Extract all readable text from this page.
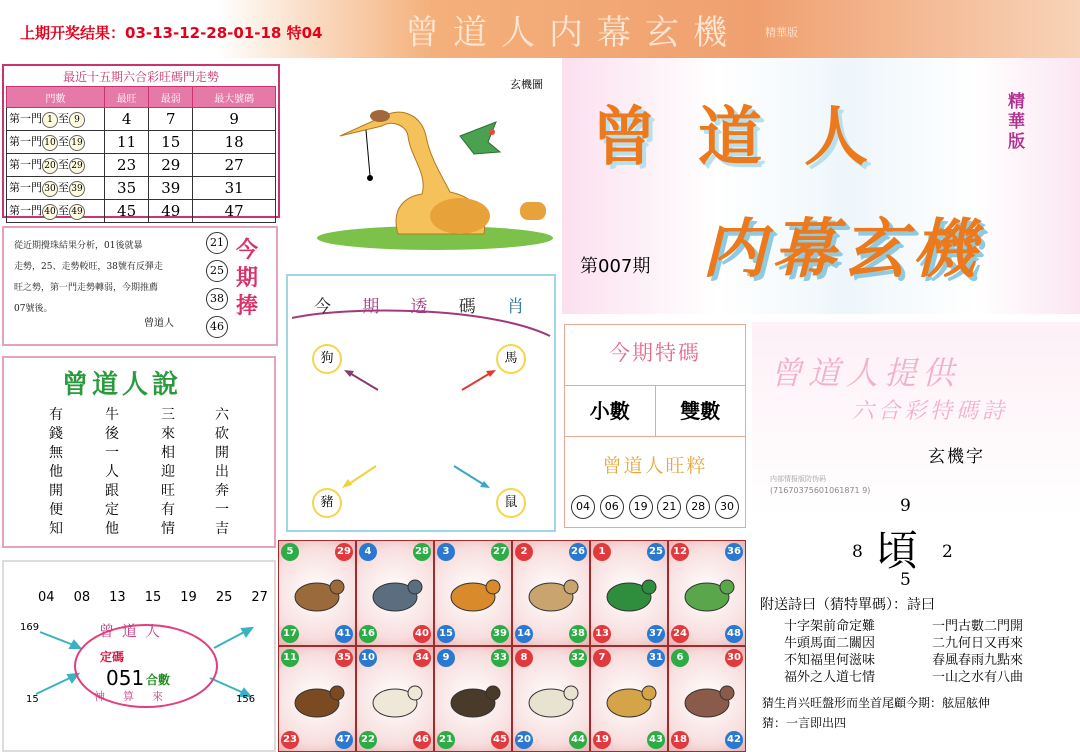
上期开奖结果：03-13-12-28-01-18 特04 曾道人内幕玄機 精華版
最近十五期六合彩旺碼門走勢
門數	最旺	最弱	最大號碼
第一門 1 至 9	4	7	9
第一門 10 至 19	11	15	18
第一門 20 至 29	23	29	27
第一門 30 至 39	35	39	31
第一門 40 至 49	45	49	47
從近期攪珠結果分析，01後就暴
走勢，25、走勢較旺，38號有反彈走
旺之勢，第一門走勢轉弱，今期推薦
07號後。
曾道人
21
25
38
46
今期捧
曾道人說
有錢無他開便知
牛後一人跟定他
三來相迎旺有情
六砍開出奔一吉
04 08 13 15 19 25 27
169
15	156
曾道人
定碼
051 合數
神算來
玄機圖
今 期 透 碼 肖
狗	馬
豬	鼠
曾道人
内幕玄機
精華版
第007期
今期特碼
小數	雙數
曾道人旺粹
04	06	19	21	28	30
曾道人提供
六合彩特碼詩
玄機字
内部情报版防伪码
(71670375601061871 9)
9
8 頃 2
5
附送詩曰（猜特單碼）：詩曰
十字架前命定難
牛頭馬面二關因
不知福里何滋味
福外之人道七情
一門古數二門開
二九何日又再來
春風春雨九點來
一山之水有八曲
猜生肖兴旺盤形而坐首尾顧今期：舷屈舷伸
猜：一言即出四
5	29
17	41
4	28
16	40
3	27
15	39
2	26
14	38
1	25
13	37
12	36
24	48
11	35
23	47
10	34
22	46
9	33
21	45
8	32
20	44
7	31
19	43
6	30
18	42
